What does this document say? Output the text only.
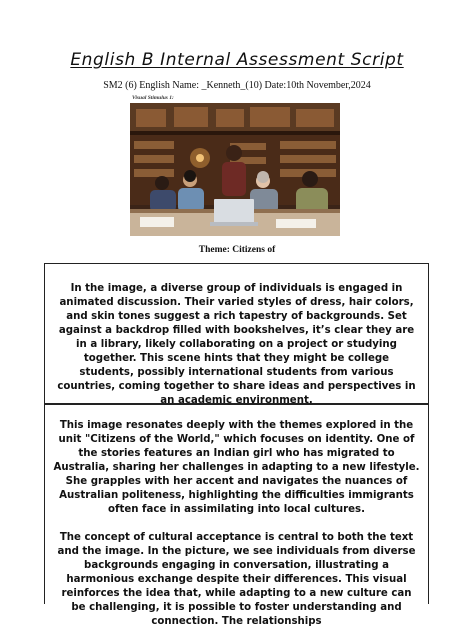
English B Internal Assessment Script
SM2 (6) English Name: _Kenneth_(10) Date:10th November,2024
Visual Stimulus 1:
Theme: Citizens of

In the image, a diverse group of individuals is engaged in animated discussion. Their varied styles of dress, hair colors, and skin tones suggest a rich tapestry of backgrounds. Set against a backdrop filled with bookshelves, it’s clear they are in a library, likely collaborating on a project or studying together. This scene hints that they might be college students, possibly international students from various countries, coming together to share ideas and perspectives in an academic environment.

This image resonates deeply with the themes explored in the unit "Citizens of the World," which focuses on identity. One of the stories features an Indian girl who has migrated to Australia, sharing her challenges in adapting to a new lifestyle. She grapples with her accent and navigates the nuances of Australian politeness, highlighting the difficulties immigrants often face in assimilating into local cultures.

The concept of cultural acceptance is central to both the text and the image. In the picture, we see individuals from diverse backgrounds engaging in conversation, illustrating a harmonious exchange despite their differences. This visual reinforces the idea that, while adapting to a new culture can be challenging, it is possible to foster understanding and connection. The relationships
